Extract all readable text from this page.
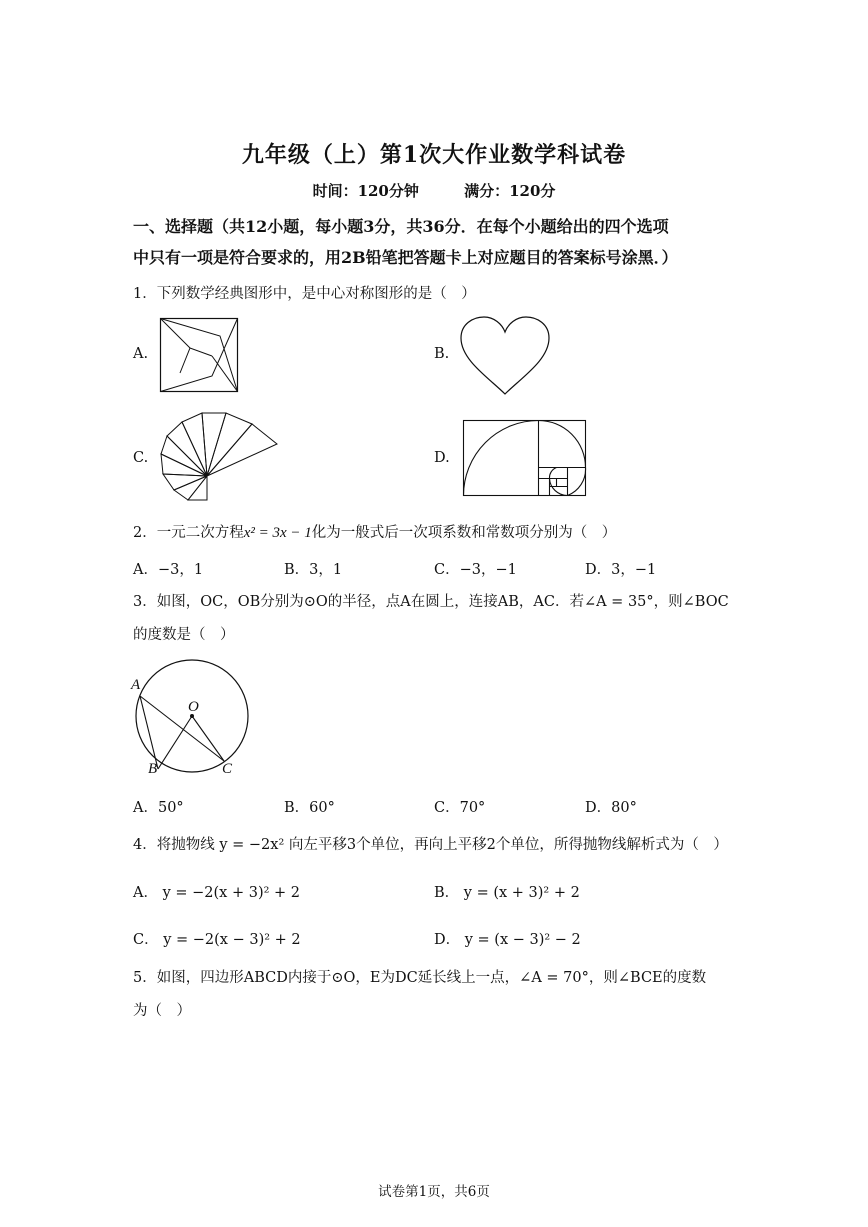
九年级（上）第1次大作业数学科试卷
时间：120分钟	满分：120分
一、选择题（共12小题，每小题3分，共36分．在每个小题给出的四个选项
中只有一项是符合要求的，用2B铅笔把答题卡上对应题目的答案标号涂黑．）
1．下列数学经典图形中，是中心对称图形的是（　）
A.	B.
C.	D.
2．一元二次方程x² = 3x − 1化为一般式后一次项系数和常数项分别为（　）
A．−3，1	B．3，1	C．−3，−1	D．3，−1
3．如图，OC，OB分别为⊙O的半径，点A在圆上，连接AB，AC．若∠A = 35°，则∠BOC
的度数是（　）
A
O
B	C
A．50°	B．60°	C．70°	D．80°
4．将抛物线 y = −2x² 向左平移3个单位，再向上平移2个单位，所得抛物线解析式为（　）
A． y = −2(x + 3)² + 2	B． y = (x + 3)² + 2
C． y = −2(x − 3)² + 2	D． y = (x − 3)² − 2
5．如图，四边形ABCD内接于⊙O，E为DC延长线上一点，∠A = 70°，则∠BCE的度数
为（　）
试卷第1页，共6页
